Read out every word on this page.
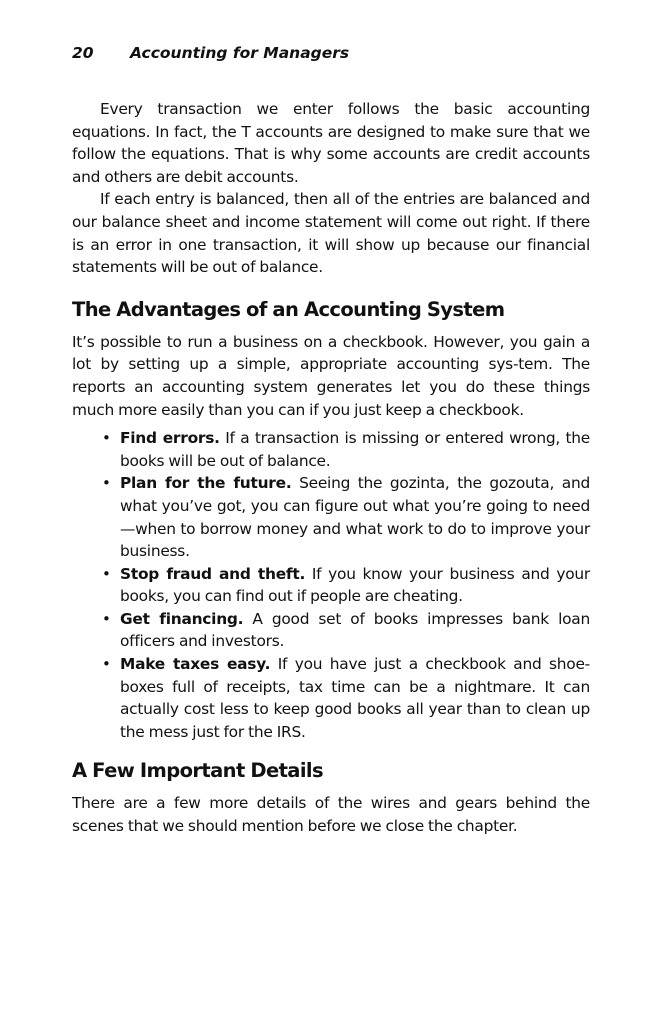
20 Accounting for Managers

Every transaction we enter follows the basic accounting equations. In fact, the T accounts are designed to make sure that we follow the equations. That is why some accounts are credit accounts and others are debit accounts.

If each entry is balanced, then all of the entries are balanced and our balance sheet and income statement will come out right. If there is an error in one transaction, it will show up because our financial statements will be out of balance.

The Advantages of an Accounting System

It’s possible to run a business on a checkbook. However, you gain a lot by setting up a simple, appropriate accounting sys-tem. The reports an accounting system generates let you do these things much more easily than you can if you just keep a checkbook.

• Find errors. If a transaction is missing or entered wrong, the books will be out of balance.

• Plan for the future. Seeing the gozinta, the gozouta, and what you’ve got, you can figure out what you’re going to need—when to borrow money and what work to do to improve your business.

• Stop fraud and theft. If you know your business and your books, you can find out if people are cheating.

• Get financing. A good set of books impresses bank loan officers and investors.

• Make taxes easy. If you have just a checkbook and shoe-boxes full of receipts, tax time can be a nightmare. It can actually cost less to keep good books all year than to clean up the mess just for the IRS.

A Few Important Details

There are a few more details of the wires and gears behind the scenes that we should mention before we close the chapter.
